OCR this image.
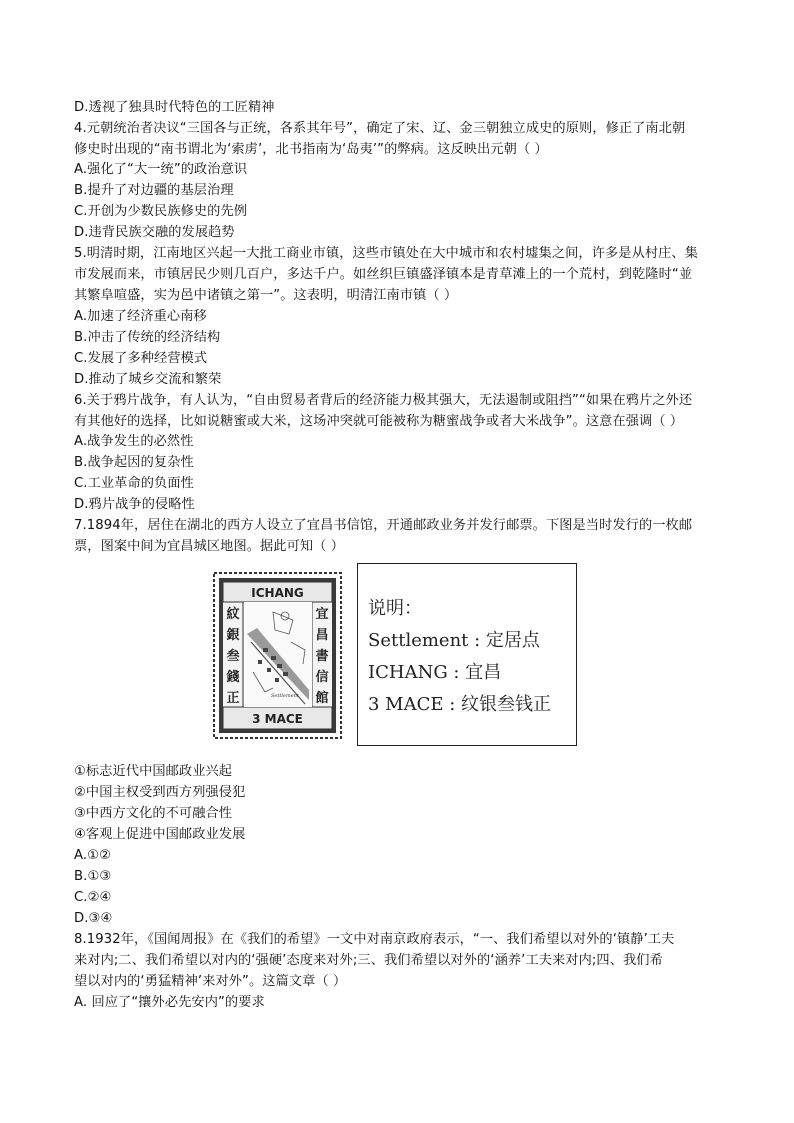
D.透视了独具时代特色的工匠精神
4.元朝统治者决议“三国各与正统，各系其年号”，确定了宋、辽、金三朝独立成史的原则，修正了南北朝
修史时出现的“南书谓北为‘索虏’，北书指南为‘岛夷’”的弊病。这反映出元朝（ ）
A.强化了“大一统”的政治意识
B.提升了对边疆的基层治理
C.开创为少数民族修史的先例
D.违背民族交融的发展趋势
5.明清时期，江南地区兴起一大批工商业市镇，这些市镇处在大中城市和农村墟集之间，许多是从村庄、集
市发展而来，市镇居民少则几百户，多达千户。如丝织巨镇盛泽镇本是青草滩上的一个荒村，到乾隆时“並
其繁阜喧盛，实为邑中诸镇之第一”。这表明，明清江南市镇（ ）
A.加速了经济重心南移
B.冲击了传统的经济结构
C.发展了多种经营模式
D.推动了城乡交流和繁荣
6.关于鸦片战争，有人认为，“自由贸易者背后的经济能力极其强大，无法遏制或阻挡”“如果在鸦片之外还
有其他好的选择，比如说糖蜜或大米，这场冲突就可能被称为糖蜜战争或者大米战争”。这意在强调（ ）
A.战争发生的必然性
B.战争起因的复杂性
C.工业革命的负面性
D.鸦片战争的侵略性
7.1894年，居住在湖北的西方人设立了宜昌书信馆，开通邮政业务并发行邮票。下图是当时发行的一枚邮
票，图案中间为宜昌城区地图。据此可知（ ）
Settlement
ICHANG
3 MACE
紋
銀
叁
錢
正
宜
昌
書
信
館
说明：
Settlement : 定居点
ICHANG : 宜昌
3 MACE : 纹银叁钱正
①标志近代中国邮政业兴起
②中国主权受到西方列强侵犯
③中西方文化的不可融合性
④客观上促进中国邮政业发展
A.①②
B.①③
C.②④
D.③④
8.1932年，《国闻周报》在《我们的希望》一文中对南京政府表示，“一、我们希望以对外的‘镇静’工夫
来对内;二、我们希望以对内的‘强硬’态度来对外;三、我们希望以对外的‘涵养’工夫来对内;四、我们希
望以对内的‘勇猛精神’来对外”。这篇文章（ ）
A. 回应了“攘外必先安内”的要求
